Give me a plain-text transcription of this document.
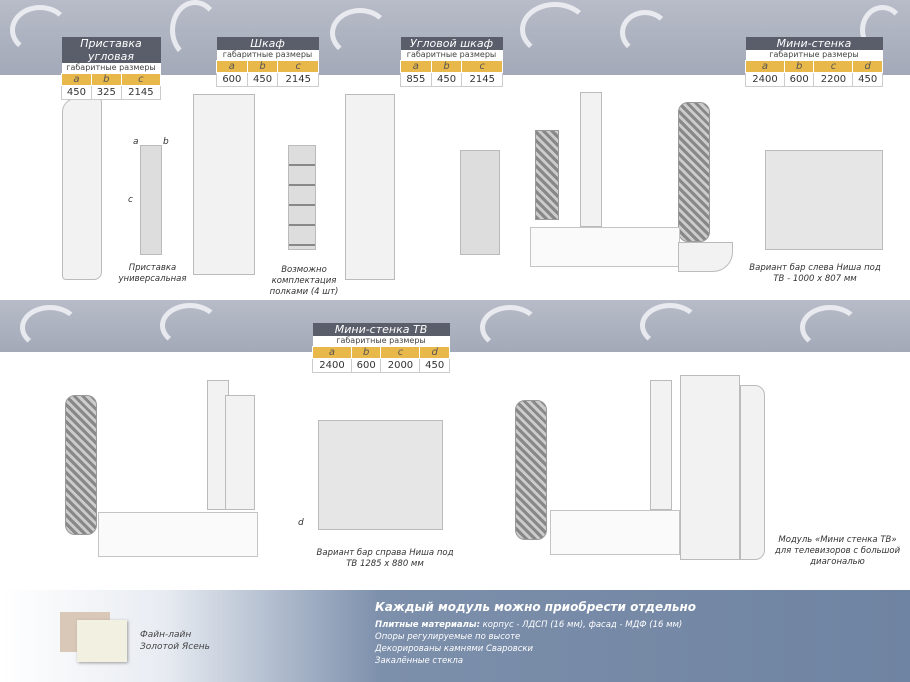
Приставка угловая		
габаритные размеры		
a	b	c
450	325	2145
Шкаф		
габаритные размеры		
a	b	c
600	450	2145
Угловой шкаф		
габаритные размеры		
a	b	c
855	450	2145
Мини-стенка			
габаритные размеры			
a	b	c	d
2400	600	2200	450
Мини-стенка ТВ			
габаритные размеры			
a	b	c	d
2400	600	2000	450
Приставка универсальная
Возможно комплектация полками (4 шт)
Вариант бар слева Ниша под ТВ - 1000 х 807 мм
Вариант бар справа Ниша под ТВ 1285 х 880 мм
Модуль «Мини стенка ТВ» для телевизоров с большой диагональю
a	b
c
d
Файн-лайн
Золотой Ясень
Каждый модуль можно приобрести отдельно
Плитные материалы: корпус - ЛДСП (16 мм), фасад - МДФ (16 мм)
Опоры регулируемые по высоте
Декорированы камнями Сваровски
Закалённые стекла
